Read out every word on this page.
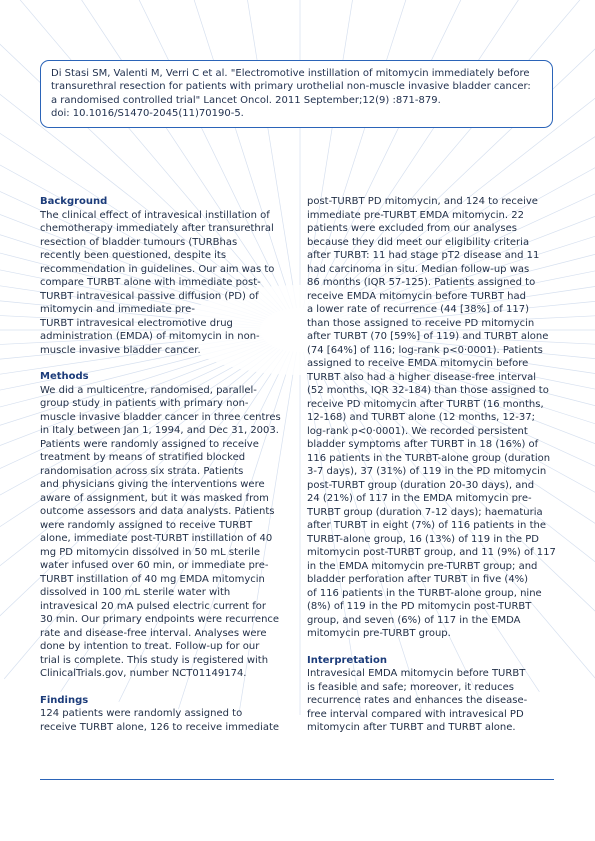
Di Stasi SM, Valenti M, Verri C et al. "Electromotive instillation of mitomycin immediately before
transurethral resection for patients with primary urothelial non-muscle invasive bladder cancer:
a randomised controlled trial" Lancet Oncol. 2011 September;12(9) :871-879.
doi: 10.1016/S1470-2045(11)70190-5.
Background
The clinical effect of intravesical instillation of
chemotherapy immediately after transurethral
resection of bladder tumours (TURBhas
recently been questioned, despite its
recommendation in guidelines. Our aim was to
compare TURBT alone with immediate post-
TURBT intravesical passive diffusion (PD) of
mitomycin and immediate pre-
TURBT intravesical electromotive drug
administration (EMDA) of mitomycin in non-
muscle invasive bladder cancer.
Methods
We did a multicentre, randomised, parallel-
group study in patients with primary non-
muscle invasive bladder cancer in three centres
in Italy between Jan 1, 1994, and Dec 31, 2003.
Patients were randomly assigned to receive
treatment by means of stratified blocked
randomisation across six strata. Patients
and physicians giving the interventions were
aware of assignment, but it was masked from
outcome assessors and data analysts. Patients
were randomly assigned to receive TURBT
alone, immediate post-TURBT instillation of 40
mg PD mitomycin dissolved in 50 mL sterile
water infused over 60 min, or immediate pre-
TURBT instillation of 40 mg EMDA mitomycin
dissolved in 100 mL sterile water with
intravesical 20 mA pulsed electric current for
30 min. Our primary endpoints were recurrence
rate and disease-free interval. Analyses were
done by intention to treat. Follow-up for our
trial is complete. This study is registered with
ClinicalTrials.gov, number NCT01149174.
Findings
124 patients were randomly assigned to
receive TURBT alone, 126 to receive immediate
post-TURBT PD mitomycin, and 124 to receive
immediate pre-TURBT EMDA mitomycin. 22
patients were excluded from our analyses
because they did meet our eligibility criteria
after TURBT: 11 had stage pT2 disease and 11
had carcinoma in situ. Median follow-up was
86 months (IQR 57-125). Patients assigned to
receive EMDA mitomycin before TURBT had
a lower rate of recurrence (44 [38%] of 117)
than those assigned to receive PD mitomycin
after TURBT (70 [59%] of 119) and TURBT alone
(74 [64%] of 116; log-rank p<0·0001). Patients
assigned to receive EMDA mitomycin before
TURBT also had a higher disease-free interval
(52 months, IQR 32-184) than those assigned to
receive PD mitomycin after TURBT (16 months,
12-168) and TURBT alone (12 months, 12-37;
log-rank p<0·0001). We recorded persistent
bladder symptoms after TURBT in 18 (16%) of
116 patients in the TURBT-alone group (duration
3-7 days), 37 (31%) of 119 in the PD mitomycin
post-TURBT group (duration 20-30 days), and
24 (21%) of 117 in the EMDA mitomycin pre-
TURBT group (duration 7-12 days); haematuria
after TURBT in eight (7%) of 116 patients in the
TURBT-alone group, 16 (13%) of 119 in the PD
mitomycin post-TURBT group, and 11 (9%) of 117
in the EMDA mitomycin pre-TURBT group; and
bladder perforation after TURBT in five (4%)
of 116 patients in the TURBT-alone group, nine
(8%) of 119 in the PD mitomycin post-TURBT
group, and seven (6%) of 117 in the EMDA
mitomycin pre-TURBT group.
Interpretation
Intravesical EMDA mitomycin before TURBT
is feasible and safe; moreover, it reduces
recurrence rates and enhances the disease-
free interval compared with intravesical PD
mitomycin after TURBT and TURBT alone.
